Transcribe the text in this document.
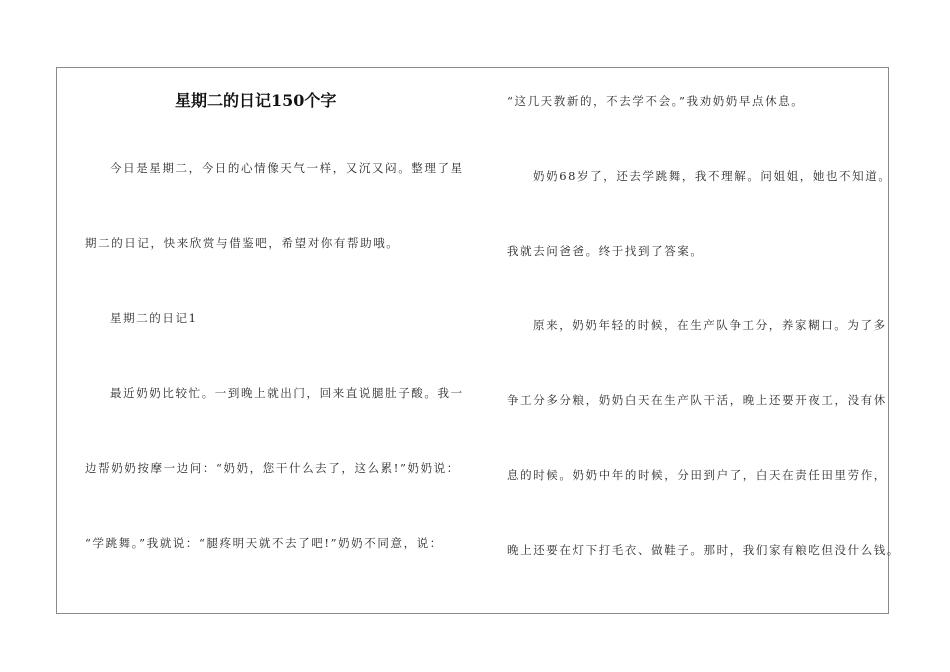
星期二的日记150个字
今日是星期二，今日的心情像天气一样，又沉又闷。整理了星
期二的日记，快来欣赏与借鉴吧，希望对你有帮助哦。
星期二的日记1
最近奶奶比较忙。一到晚上就出门，回来直说腿肚子酸。我一
边帮奶奶按摩一边问：“奶奶，您干什么去了，这么累!”奶奶说：
“学跳舞。”我就说：“腿疼明天就不去了吧!”奶奶不同意，说：
“这几天教新的，不去学不会。”我劝奶奶早点休息。
奶奶68岁了，还去学跳舞，我不理解。问姐姐，她也不知道。
我就去问爸爸。终于找到了答案。
原来，奶奶年轻的时候，在生产队争工分，养家糊口。为了多
争工分多分粮，奶奶白天在生产队干活，晚上还要开夜工，没有休
息的时候。奶奶中年的时候，分田到户了，白天在责任田里劳作，
晚上还要在灯下打毛衣、做鞋子。那时，我们家有粮吃但没什么钱。
